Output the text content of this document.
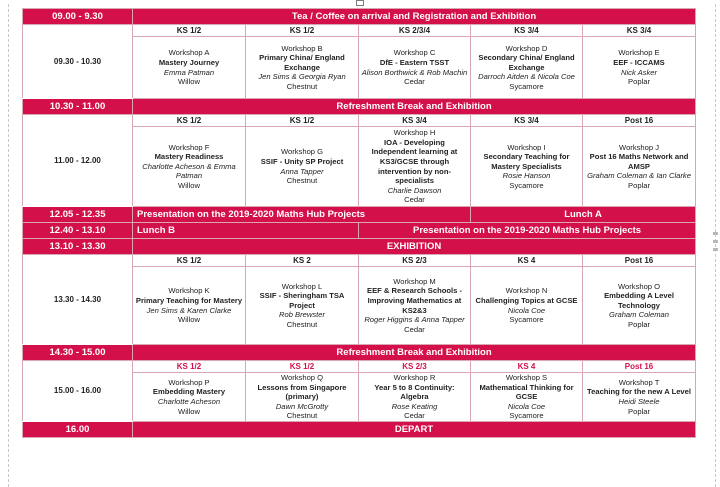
09.00 - 9.30	Tea / Coffee on arrival and Registration and Exhibition				
09.30 - 10.30	KS 1/2	KS 1/2	KS 2/3/4	KS 3/4	KS 3/4

	Workshop A
Mastery Journey
Emma Patman
Willow	Workshop B
Primary China/ England Exchange
Jen Sims & Georgia Ryan
Chestnut	Workshop C
DfE - Eastern TSST
Alison Borthwick & Rob Machin
Cedar	Workshop D
Secondary China/ England Exchange
Darroch Aitden & Nicola Coe
Sycamore	Workshop E
EEF - ICCAMS
Nick Asker
Poplar

10.30 - 11.00	Refreshment Break and Exhibition				
11.00 - 12.00	KS 1/2	KS 1/2	KS 3/4	KS 3/4	Post 16

	Workshop F
Mastery Readiness
Charlotte Acheson & Emma Patman
Willow	Workshop G
SSIF - Unity SP Project
Anna Tapper
Chestnut	Workshop H
IOA - Developing Independent learning at KS3/GCSE through intervention by non-specialists
Charlie Dawson
Cedar	Workshop I
Secondary Teaching for Mastery Specialists
Rosie Hanson
Sycamore	Workshop J
Post 16 Maths Network and AMSP
Graham Coleman & Ian Clarke
Poplar

12.05 - 12.35	Presentation on the 2019-2020 Maths Hub Projects			Lunch A	
12.40 - 13.10	Lunch B		Presentation on the 2019-2020 Maths Hub Projects		
13.10 - 13.30	EXHIBITION				
13.30 - 14.30	KS 1/2	KS 2	KS 2/3	KS 4	Post 16

	Workshop K
Primary Teaching for Mastery
Jen Sims & Karen Clarke
Willow	Workshop L
SSIF - Sheringham TSA Project
Rob Brewster
Chestnut	Workshop M
EEF & Research Schools - Improving Mathematics at KS2&3
Roger Higgins & Anna Tapper
Cedar	Workshop N
Challenging Topics at GCSE
Nicola Coe
Sycamore	Workshop O
Embedding A Level Technology
Graham Coleman
Poplar

14.30 - 15.00	Refreshment Break and Exhibition				
15.00 - 16.00	KS 1/2	KS 1/2	KS 2/3	KS 4	Post 16

	Workshop P
Embedding Mastery
Charlotte Acheson
Willow	Workshop Q
Lessons from Singapore (primary)
Dawn McGrotty
Chestnut	Workshop R
Year 5 to 8 Continuity: Algebra
Rose Keating
Cedar	Workshop S
Mathematical Thinking for GCSE
Nicola Coe
Sycamore	Workshop T
Teaching for the new A Level
Heidi Steele
Poplar

16.00	DEPART				
